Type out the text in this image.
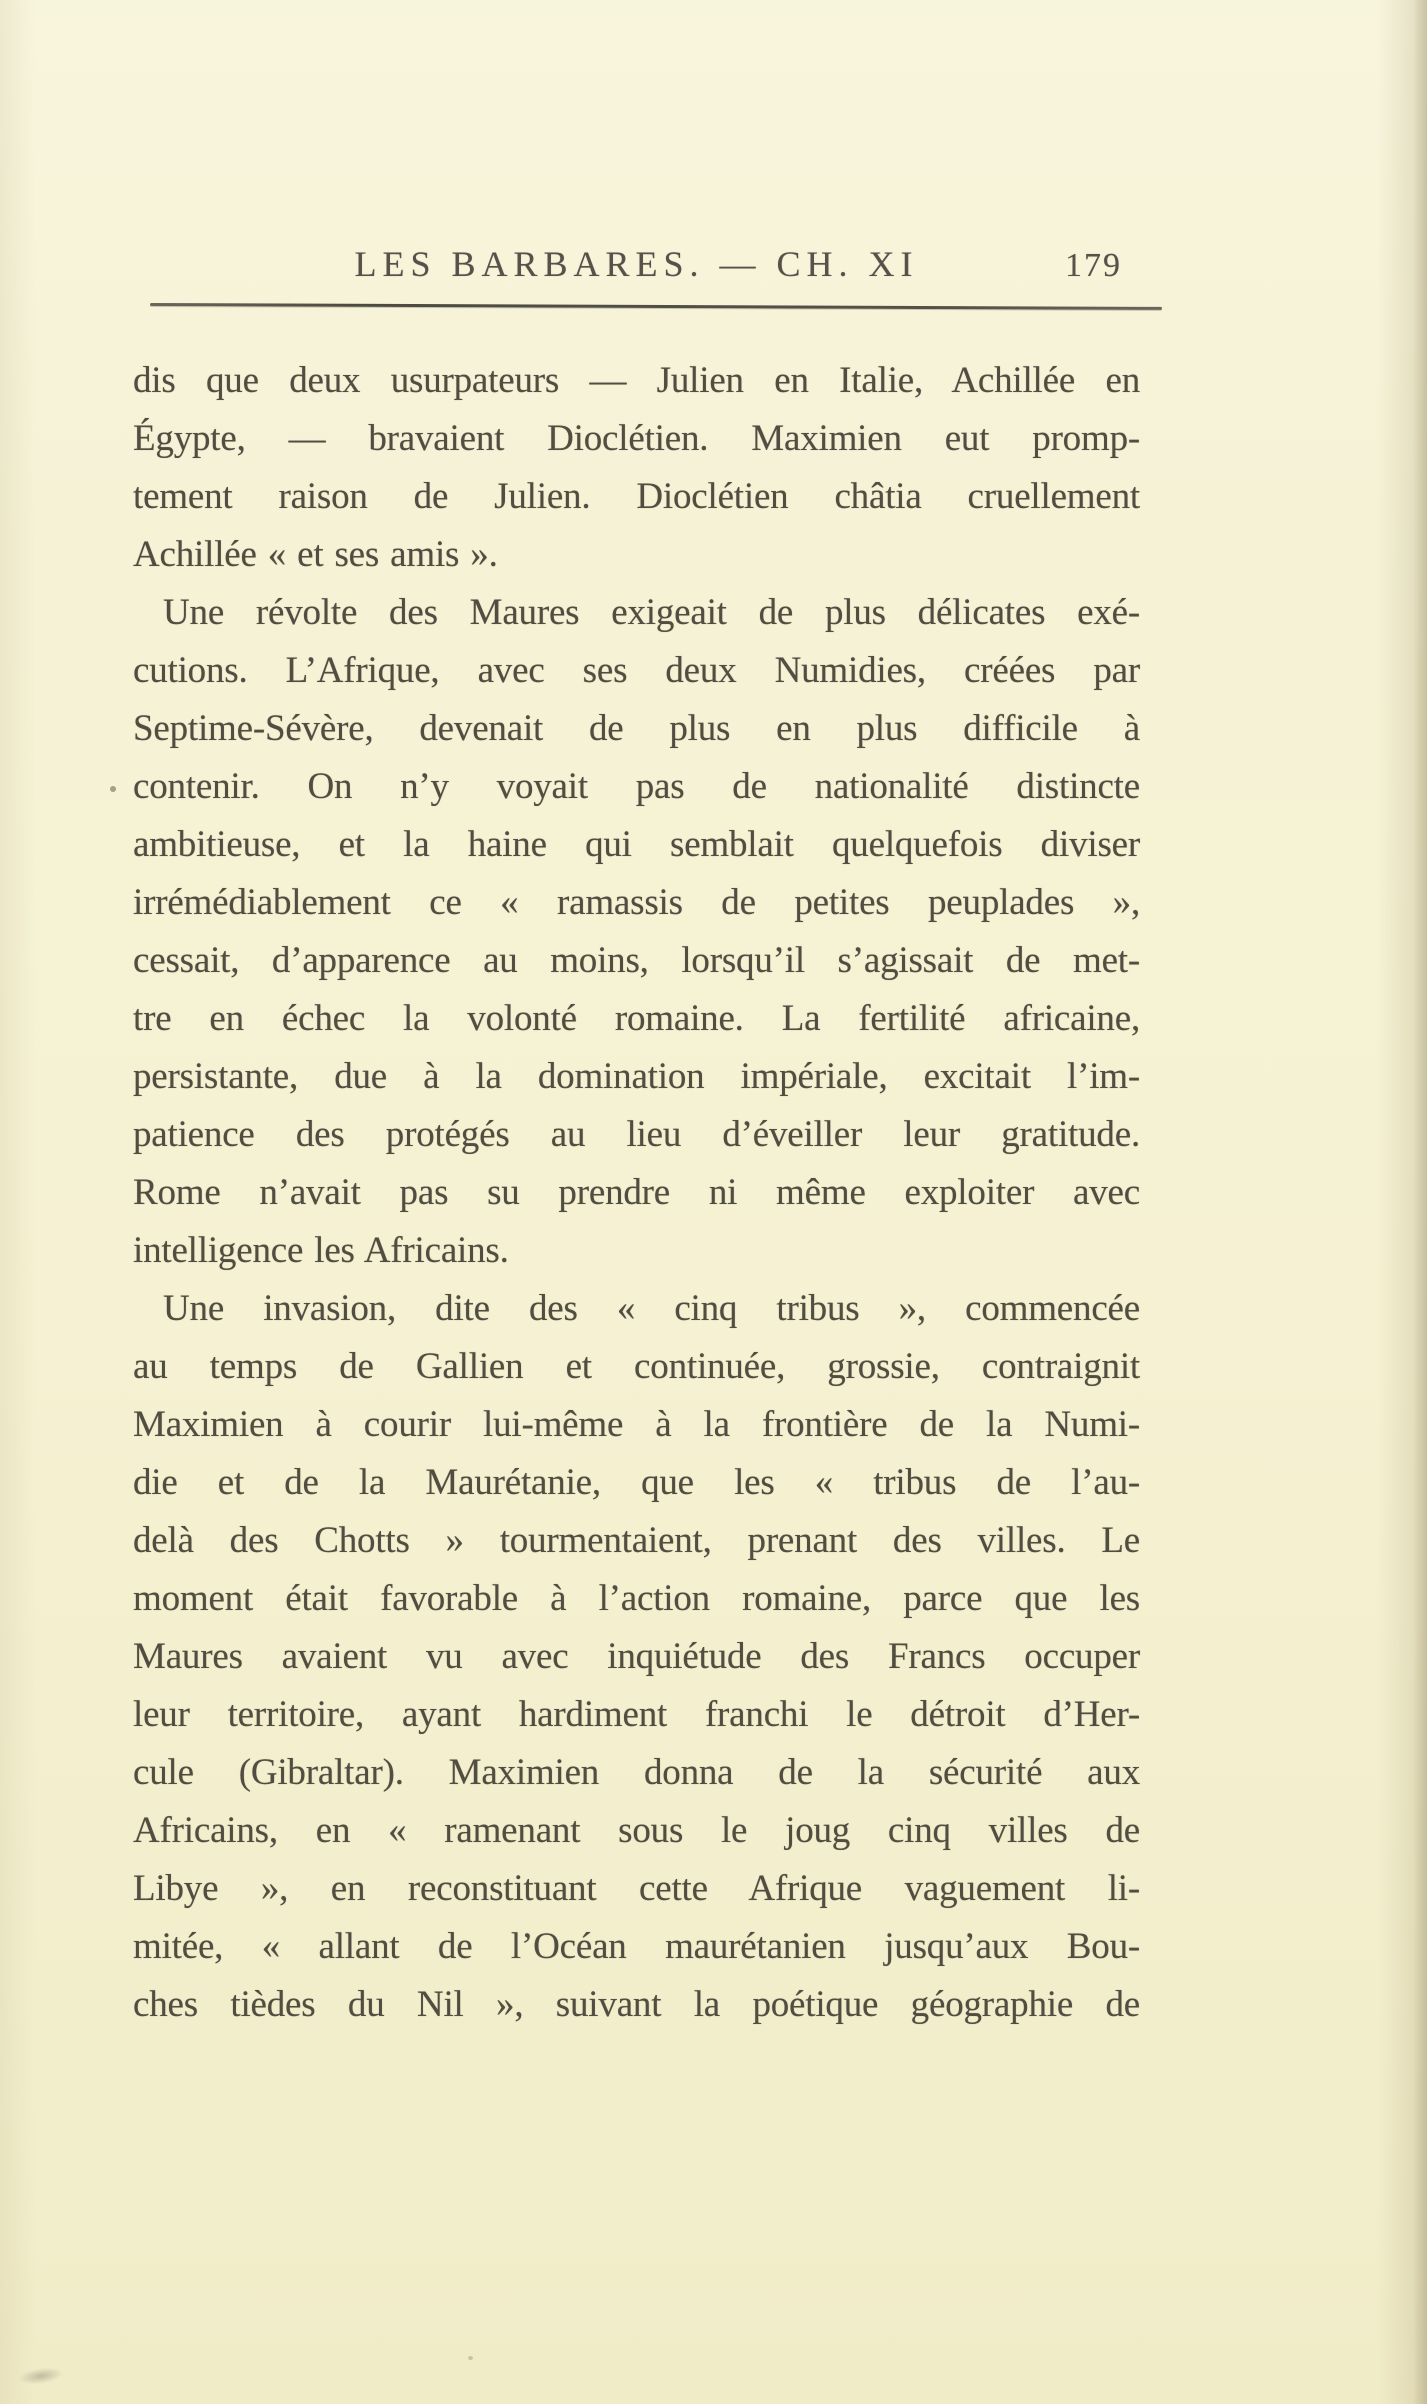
LES BARBARES. — CH. XI	179
dis que deux usurpateurs — Julien en Italie, Achillée en
Égypte, — bravaient Dioclétien. Maximien eut promp-
tement raison de Julien. Dioclétien châtia cruellement
Achillée « et ses amis ».
Une révolte des Maures exigeait de plus délicates exé-
cutions. L’Afrique, avec ses deux Numidies, créées par
Septime-Sévère, devenait de plus en plus difficile à
contenir. On n’y voyait pas de nationalité distincte
ambitieuse, et la haine qui semblait quelquefois diviser
irrémédiablement ce « ramassis de petites peuplades »,
cessait, d’apparence au moins, lorsqu’il s’agissait de met-
tre en échec la volonté romaine. La fertilité africaine,
persistante, due à la domination impériale, excitait l’im-
patience des protégés au lieu d’éveiller leur gratitude.
Rome n’avait pas su prendre ni même exploiter avec
intelligence les Africains.
Une invasion, dite des « cinq tribus », commencée
au temps de Gallien et continuée, grossie, contraignit
Maximien à courir lui-même à la frontière de la Numi-
die et de la Maurétanie, que les « tribus de l’au-
delà des Chotts » tourmentaient, prenant des villes. Le
moment était favorable à l’action romaine, parce que les
Maures avaient vu avec inquiétude des Francs occuper
leur territoire, ayant hardiment franchi le détroit d’Her-
cule (Gibraltar). Maximien donna de la sécurité aux
Africains, en « ramenant sous le joug cinq villes de
Libye », en reconstituant cette Afrique vaguement li-
mitée, « allant de l’Océan maurétanien jusqu’aux Bou-
ches tièdes du Nil », suivant la poétique géographie de
